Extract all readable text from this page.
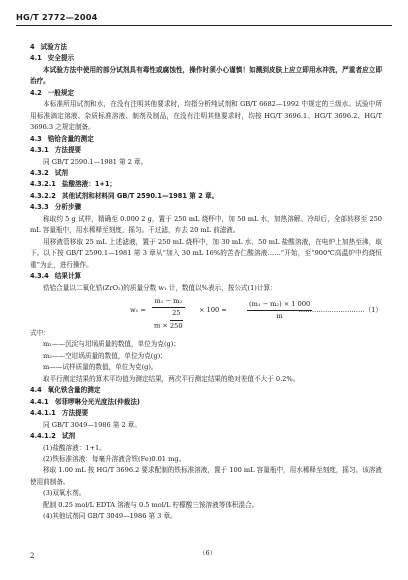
HG/T 2772—2004
4 试验方法
4.1 安全提示
本试验方法中使用的部分试剂具有毒性或腐蚀性，操作时须小心谨慎！如溅到皮肤上应立即用水冲洗，严重者应立即治疗。
4.2 一般规定
本标准所用试剂和水，在没有注明其他要求时，均指分析纯试剂和 GB/T 6682—1992 中规定的三级水。试验中所用标准滴定溶液、杂质标准溶液、制剂及制品，在没有注明其他要求时，均按 HG/T 3696.1、HG/T 3696.2、HG/T 3696.3 之规定制备。
4.3 锆铪含量的测定
4.3.1 方法提要
同 GB/T 2590.1—1981 第 2 章。
4.3.2 试剂
4.3.2.1 盐酸溶液：1+1；
4.3.2.2 其他试剂和材料同 GB/T 2590.1—1981 第 2 章。
4.3.3 分析步骤
称取约 5 g 试样，精确至 0.000 2 g，置于 250 mL 烧杯中，加 50 mL 水，加热溶解。冷却后，全部转移至 250 mL 容量瓶中，用水稀释至刻度，摇匀。干过滤，弃去 20 mL 前滤液。
用移液管移取 25 mL 上述滤液，置于 250 mL 烧杯中，加 30 mL 水、50 mL 盐酸溶液，在电炉上加热至沸，取下。以下按 GB/T 2590.1—1981 第 3 章从“加入 30 mL 16%的苦杏仁酸溶液……”开始，至“900℃高温炉中灼烧恒重”为止，进行操作。
4.3.4 结果计算
锆铪合量以二氧化锆(ZrO₂)的质量分数 w₁ 计，数值以%表示，按公式(1)计算：
$w_1 = \frac{\text{m₁ − m₂}}{m \times \frac{25}{250}} \times 100$ =	$\frac{\text{(m₁ − m₂) × 1 000}}{m}$
…………………………（1）
式中：
m₁——沉淀与坩埚质量的数值，单位为克(g)；
m₂——空坩埚质量的数值，单位为克(g)；
m——试样质量的数值，单位为克(g)。
取平行测定结果的算术平均值为测定结果，两次平行测定结果的绝对差值不大于 0.2%。
4.4 氧化铁含量的测定
4.4.1 邻菲啰啉分光光度法(仲裁法)
4.4.1.1 方法提要
同 GB/T 3049—1986 第 2 章。
4.4.1.2 试剂
(1)盐酸溶液：1+1。
(2)铁标准溶液：每毫升溶液含铁(Fe)0.01 mg。
移取 1.00 mL 按 HG/T 3696.2 要求配制的铁标准溶液，置于 100 mL 容量瓶中，用水稀释至刻度，摇匀。该溶液使用前制备。
(3)双氧水剂。
配制 0.25 mol/L EDTA 溶液与 0.5 mol/L 柠檬酸三铵溶液等体积混合。
(4)其他试剂同 GB/T 3049—1986 第 3 章。
2	（6）
